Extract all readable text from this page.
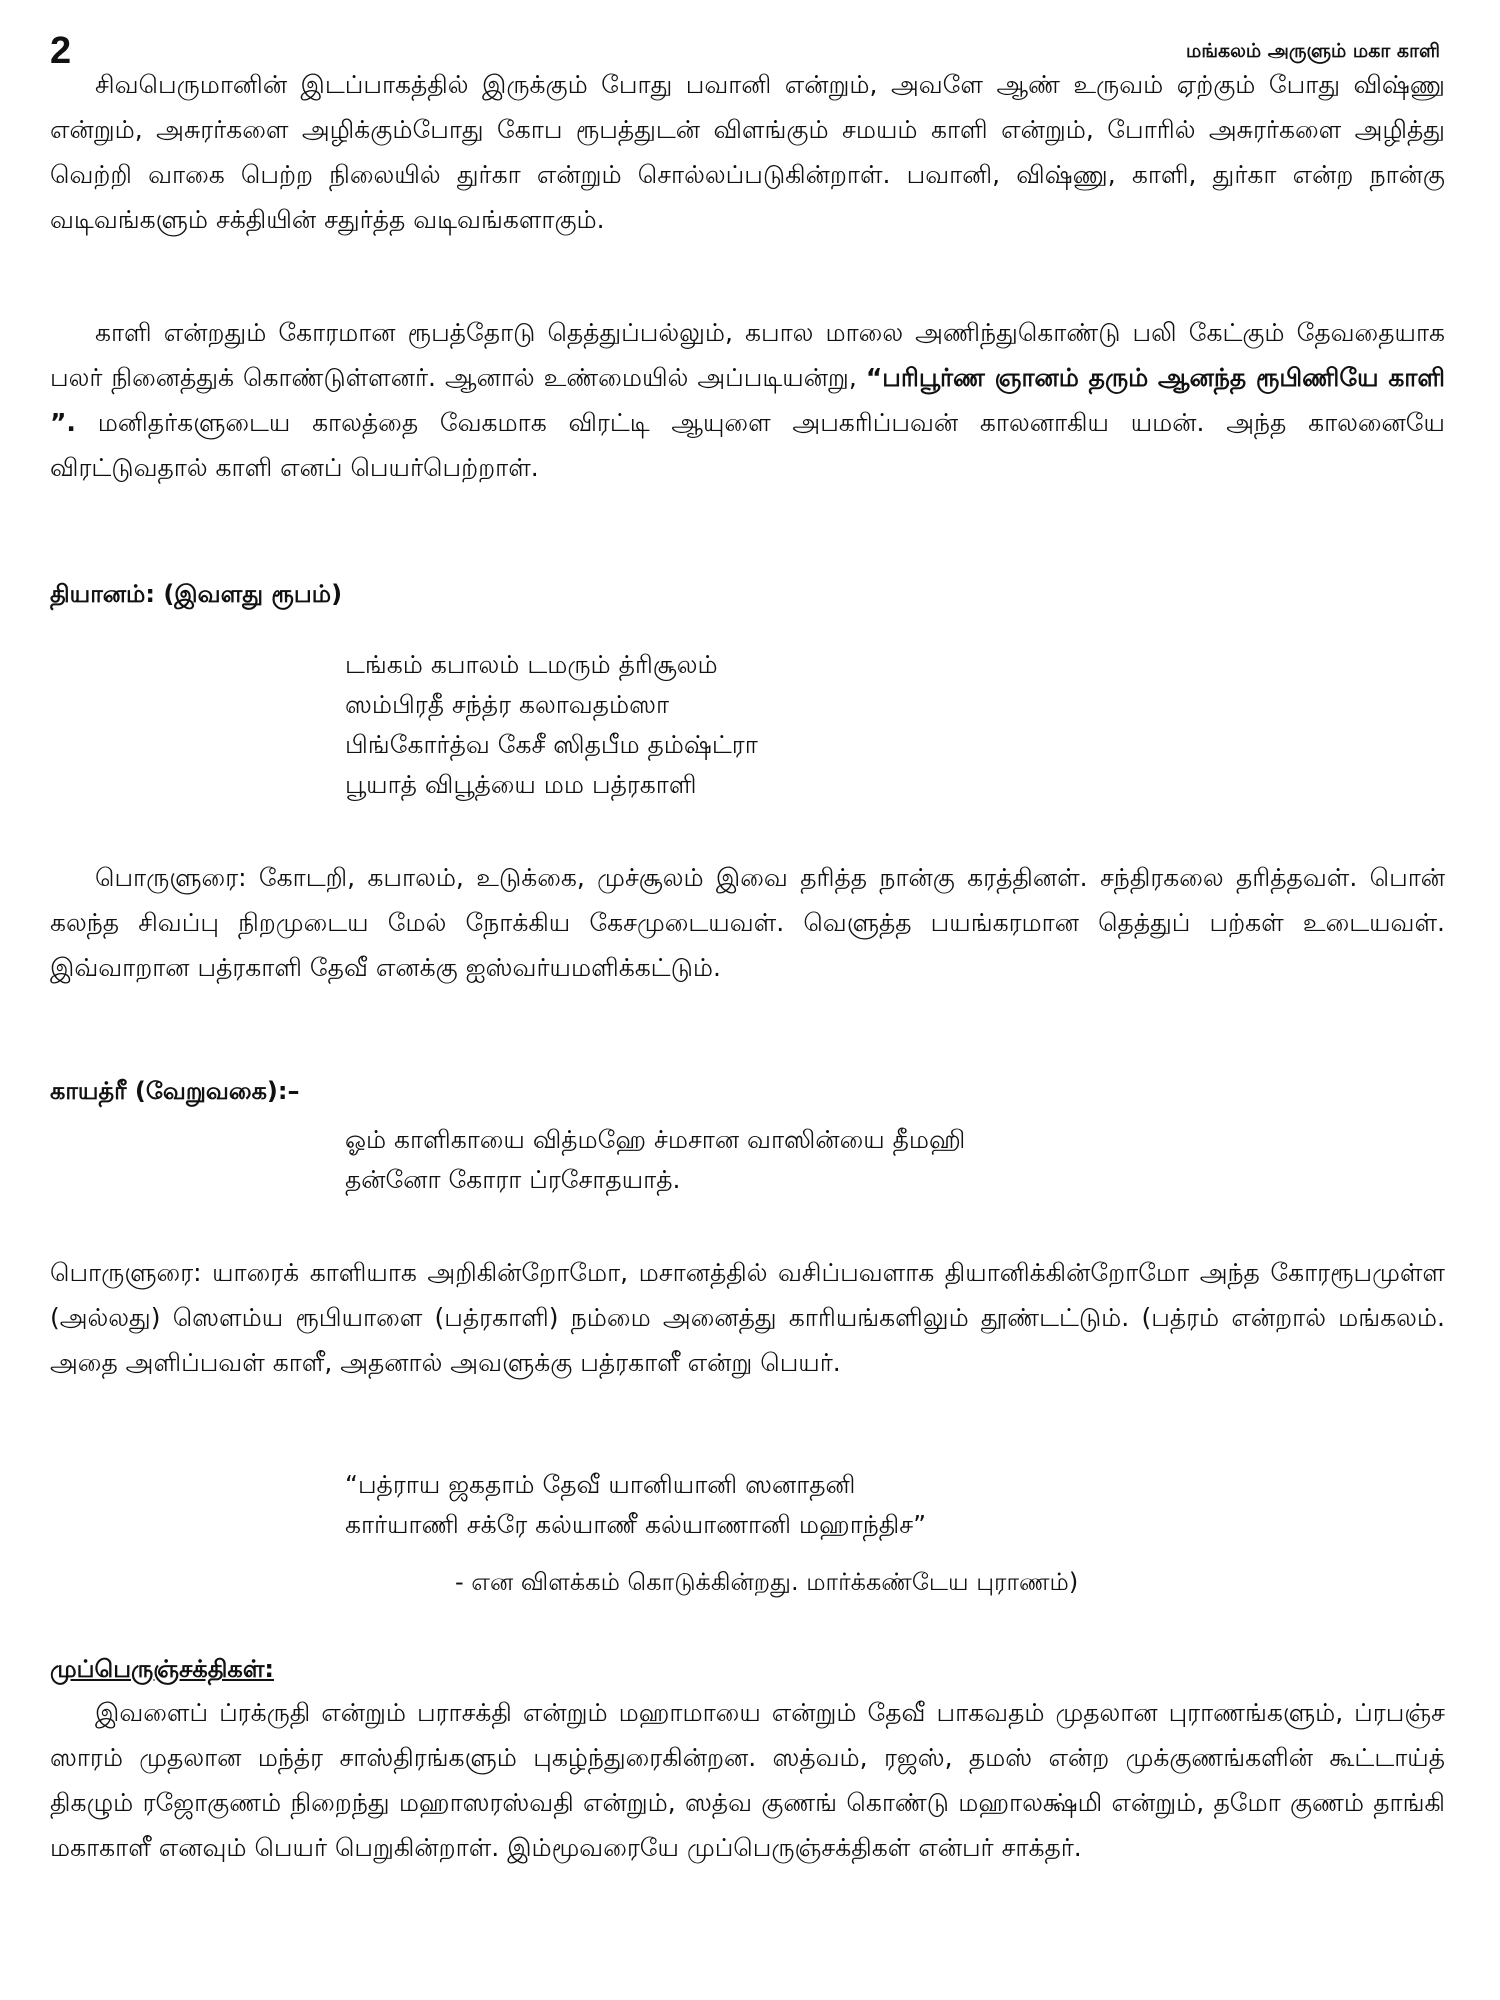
2	மங்கலம் அருளும் மகா காளி

சிவபெருமானின் இடப்பாகத்தில் இருக்கும் போது பவானி என்றும், அவளே ஆண் உருவம் ஏற்கும் போது விஷ்ணு என்றும், அசுரர்களை அழிக்கும்போது கோப ரூபத்துடன் விளங்கும் சமயம் காளி என்றும், போரில் அசுரர்களை அழித்து வெற்றி வாகை பெற்ற நிலையில் துர்கா என்றும் சொல்லப்படுகின்றாள். பவானி, விஷ்ணு, காளி, துர்கா என்ற நான்கு வடிவங்களும் சக்தியின் சதுர்த்த வடிவங்களாகும்.

காளி என்றதும் கோரமான ரூபத்தோடு தெத்துப்பல்லும், கபால மாலை அணிந்துகொண்டு பலி கேட்கும் தேவதையாக பலர் நினைத்துக் கொண்டுள்ளனர். ஆனால் உண்மையில் அப்படியன்று, “பரிபூர்ண ஞானம் தரும் ஆனந்த ரூபிணியே காளி ”. மனிதர்களுடைய காலத்தை வேகமாக விரட்டி ஆயுளை அபகரிப்பவன் காலனாகிய யமன். அந்த காலனையே விரட்டுவதால் காளி எனப் பெயர்பெற்றாள்.

தியானம்: (இவளது ரூபம்)
டங்கம் கபாலம் டமரும் த்ரிசூலம்
ஸம்பிரதீ சந்த்ர கலாவதம்ஸா
பிங்கோர்த்வ கேசீ ஸிதபீம தம்ஷ்ட்ரா
பூயாத் விபூத்யை மம பத்ரகாளி

பொருளுரை: கோடறி, கபாலம், உடுக்கை, முச்சூலம் இவை தரித்த நான்கு கரத்தினள். சந்திரகலை தரித்தவள். பொன் கலந்த சிவப்பு நிறமுடைய மேல் நோக்கிய கேசமுடையவள். வெளுத்த பயங்கரமான தெத்துப் பற்கள் உடையவள். இவ்வாறான பத்ரகாளி தேவீ எனக்கு ஐஸ்வர்யமளிக்கட்டும்.

காயத்ரீ (வேறுவகை):–
ஓம் காளிகாயை வித்மஹே ச்மசான வாஸின்யை தீமஹி
தன்னோ கோரா ப்ரசோதயாத்.

பொருளுரை: யாரைக் காளியாக அறிகின்றோமோ, மசானத்தில் வசிப்பவளாக தியானிக்கின்றோமோ அந்த கோரரூபமுள்ள (அல்லது) ஸௌம்ய ரூபியாளை (பத்ரகாளி) நம்மை அனைத்து காரியங்களிலும் தூண்டட்டும். (பத்ரம் என்றால் மங்கலம். அதை அளிப்பவள் காளீ, அதனால் அவளுக்கு பத்ரகாளீ என்று பெயர்.

“பத்ராய ஜகதாம் தேவீ யானியானி ஸனாதனி
கார்யாணி சக்ரே கல்யாணீ கல்யாணானி மஹாந்திச”
- என விளக்கம் கொடுக்கின்றது. மார்க்கண்டேய புராணம்)
முப்பெருஞ்சக்திகள்:

இவளைப் ப்ரக்ருதி என்றும் பராசக்தி என்றும் மஹாமாயை என்றும் தேவீ பாகவதம் முதலான புராணங்களும், ப்ரபஞ்ச ஸாரம் முதலான மந்த்ர சாஸ்திரங்களும் புகழ்ந்துரைகின்றன. ஸத்வம், ரஜஸ், தமஸ் என்ற முக்குணங்களின் கூட்டாய்த் திகழும் ரஜோகுணம் நிறைந்து மஹாஸரஸ்வதி என்றும், ஸத்வ குணங் கொண்டு மஹாலக்ஷ்மி என்றும், தமோ குணம் தாங்கி மகாகாளீ எனவும் பெயர் பெறுகின்றாள். இம்மூவரையே முப்பெருஞ்சக்திகள் என்பர் சாக்தர்.
